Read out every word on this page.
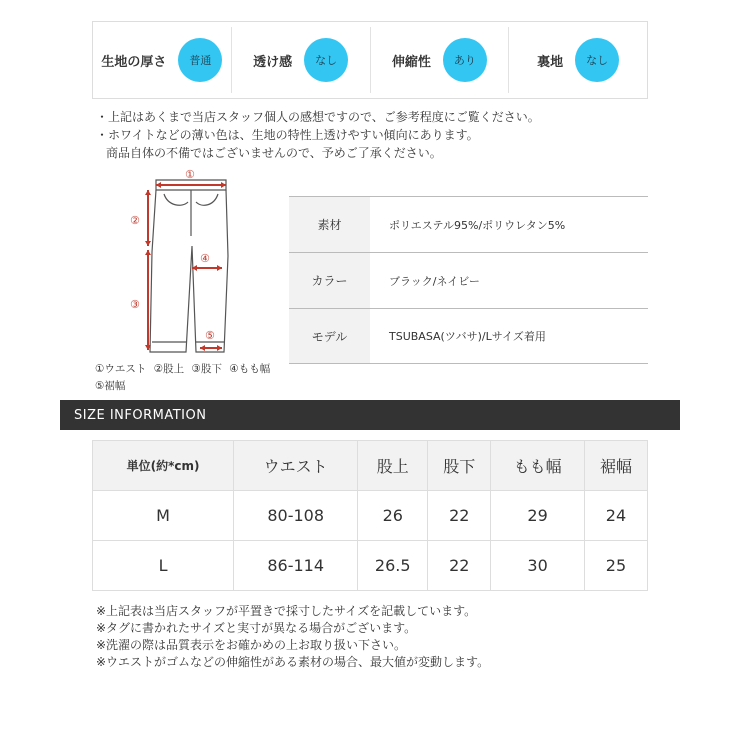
生地の厚さ	普通	透け感	なし	伸縮性	あり	裏地	なし
・上記はあくまで当店スタッフ個人の感想ですので、ご参考程度にご覧ください。
・ホワイトなどの薄い色は、生地の特性上透けやすい傾向にあります。
商品自体の不備ではございませんので、予めご了承ください。
①
②
③
④
⑤
①ウエスト ②股上 ③股下 ④もも幅
⑤裾幅
素材	ポリエステル95%/ポリウレタン5%
カラー	ブラック/ネイビー
モデル	TSUBASA(ツバサ)/Lサイズ着用
SIZE INFORMATION
単位(約*cm)	ウエスト	股上	股下	もも幅	裾幅
M	80-108	26	22	29	24
L	86-114	26.5	22	30	25
※上記表は当店スタッフが平置きで採寸したサイズを記載しています。
※タグに書かれたサイズと実寸が異なる場合がございます。
※洗濯の際は品質表示をお確かめの上お取り扱い下さい。
※ウエストがゴムなどの伸縮性がある素材の場合、最大値が変動します。
